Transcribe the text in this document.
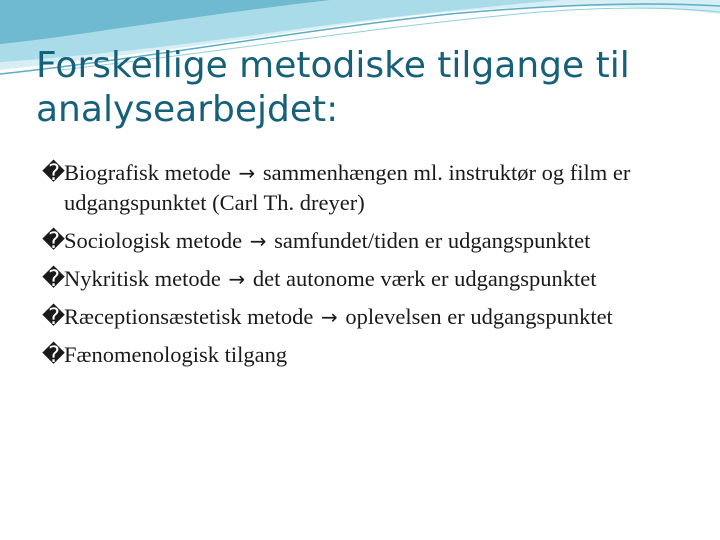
Forskellige metodiske tilgange til analysearbejdet:
�Biografisk metode → sammenhængen ml. instruktør og film er udgangspunktet (Carl Th. dreyer)
�Sociologisk metode → samfundet/tiden er udgangspunktet
�Nykritisk metode → det autonome værk er udgangspunktet
�Ræceptionsæstetisk metode → oplevelsen er udgangspunktet
�Fænomenologisk tilgang
